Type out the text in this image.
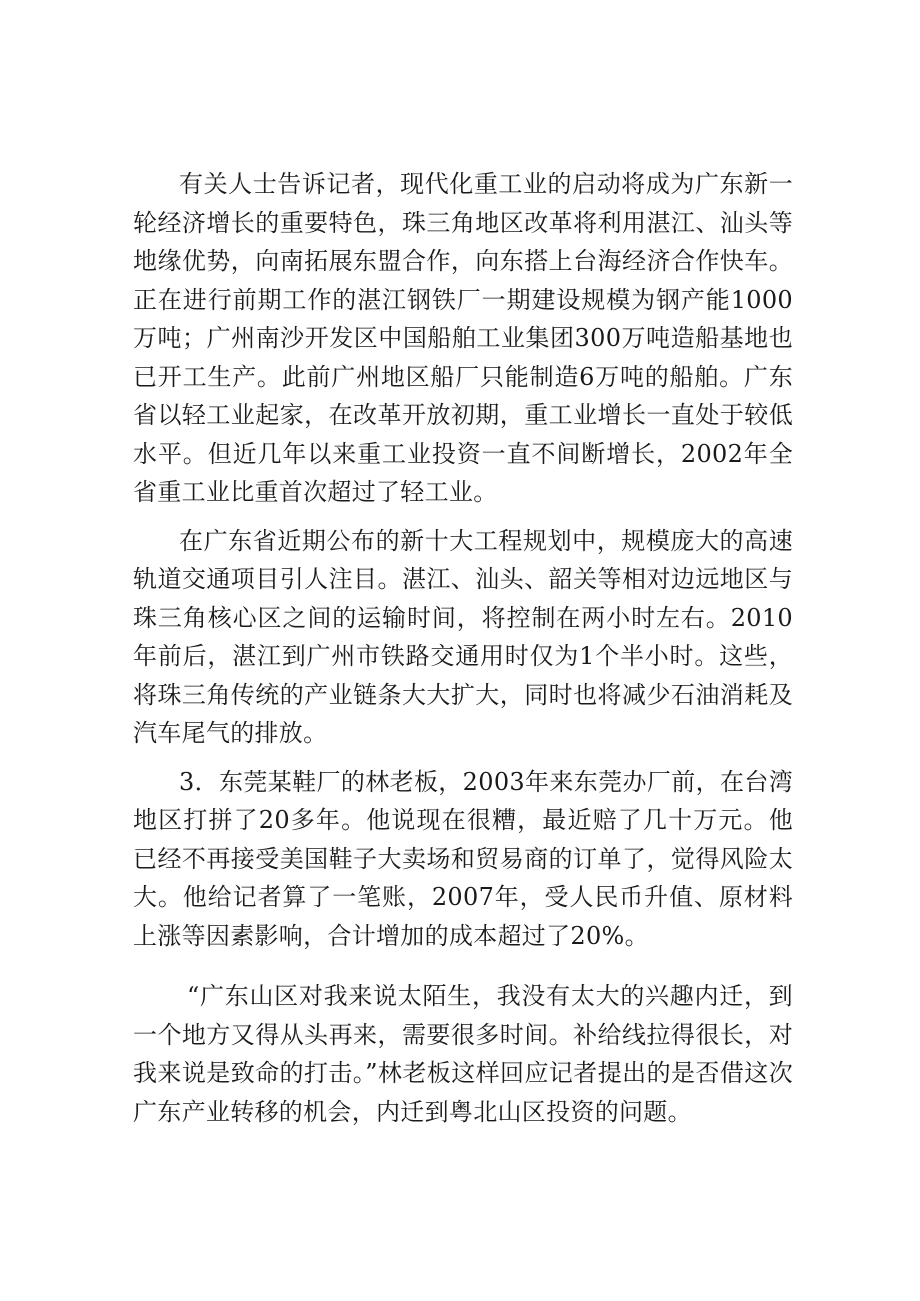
有关人士告诉记者，现代化重工业的启动将成为广东新一轮经济增长的重要特色，珠三角地区改革将利用湛江、汕头等地缘优势，向南拓展东盟合作，向东搭上台海经济合作快车。正在进行前期工作的湛江钢铁厂一期建设规模为钢产能1000万吨；广州南沙开发区中国船舶工业集团300万吨造船基地也已开工生产。此前广州地区船厂只能制造6万吨的船舶。广东省以轻工业起家，在改革开放初期，重工业增长一直处于较低水平。但近几年以来重工业投资一直不间断增长，2002年全省重工业比重首次超过了轻工业。

在广东省近期公布的新十大工程规划中，规模庞大的高速轨道交通项目引人注目。湛江、汕头、韶关等相对边远地区与珠三角核心区之间的运输时间，将控制在两小时左右。2010年前后，湛江到广州市铁路交通用时仅为1个半小时。这些，将珠三角传统的产业链条大大扩大，同时也将减少石油消耗及汽车尾气的排放。

3．东莞某鞋厂的林老板，2003年来东莞办厂前，在台湾地区打拼了20多年。他说现在很糟，最近赔了几十万元。他已经不再接受美国鞋子大卖场和贸易商的订单了，觉得风险太大。他给记者算了一笔账，2007年，受人民币升值、原材料上涨等因素影响，合计增加的成本超过了20%。

“广东山区对我来说太陌生，我没有太大的兴趣内迁，到一个地方又得从头再来，需要很多时间。补给线拉得很长，对我来说是致命的打击。”林老板这样回应记者提出的是否借这次广东产业转移的机会，内迁到粤北山区投资的问题。
